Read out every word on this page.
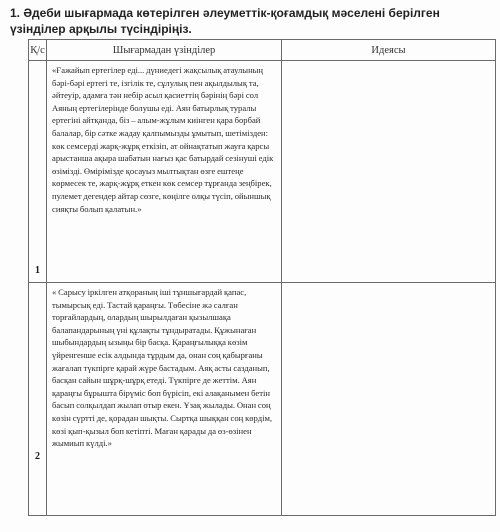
1. Әдеби шығармада көтерілген әлеуметтік-қоғамдық мәселені берілген үзінділер арқылы түсіндіріңіз.
Қ/с	Шығармадан үзінділер	Идеясы

1	«Ғажайып ертегілер еді... дүниедегі жақсылық атаулының бәрі-бәрі ертегі те, ізгілік те, сұлулық пен ақылдылық та, әйтеуір, адамға тән небір асыл қасиеттің бәрінің бәрі сол Аяның ертегілерінде болушы еді. Аян батырлық туралы ертегіні айтқанда, біз – алым-жұлым киінген қара борбай балалар, бір сәтке жадау қалпымызды ұмытып, шетімізден: көк семсерді жарқ-жұрқ еткізіп, ат ойнақтатып жауға қарсы арыстанша ақыра шабатын нағыз қас батырдай сезінуші едік өзімізді. Өмірімізде қосауыз мылтықтан өзге ештеңе көрмесек те, жарқ-жұрқ еткен көк семсер тұрғанда зеңбірек, пулемет дегендер айтар сөзге, көңілге олқы түсіп, ойыншық сияқты болып қалатын.»	

2	« Сарысу іркілген атқораның іші тұншығардай қапас, тымырсық еді. Тастай қараңғы. Төбесіне жә салған торғайлардың, олардың шырылдаған қызылшақа балапандарының үні құлақты тұндыратады. Құжынаған шыбындардың ызыңы бір басқа. Қараңғылыққа көзім үйренгенше есік алдында тұрдым да, онан соң қабырғаны жағалап түкпірге қарай жүре бастадым. Аяқ асты сазданып, басқан сайын шұрқ-шұрқ етеді. Түкпірге де жеттім. Аян қараңғы бұрышта бірүміс боп бүрісіп, екі алақанымен бетін басып солқылдап жылап отыр екен. Ұзақ жылады. Онан соң көзін сүртті де, қорадан шықты. Сыртқа шыққан соң көрдім, көзі қып-қызыл боп кетіпті. Маған қарады да өз-өзінен жымиып күлді.»	
